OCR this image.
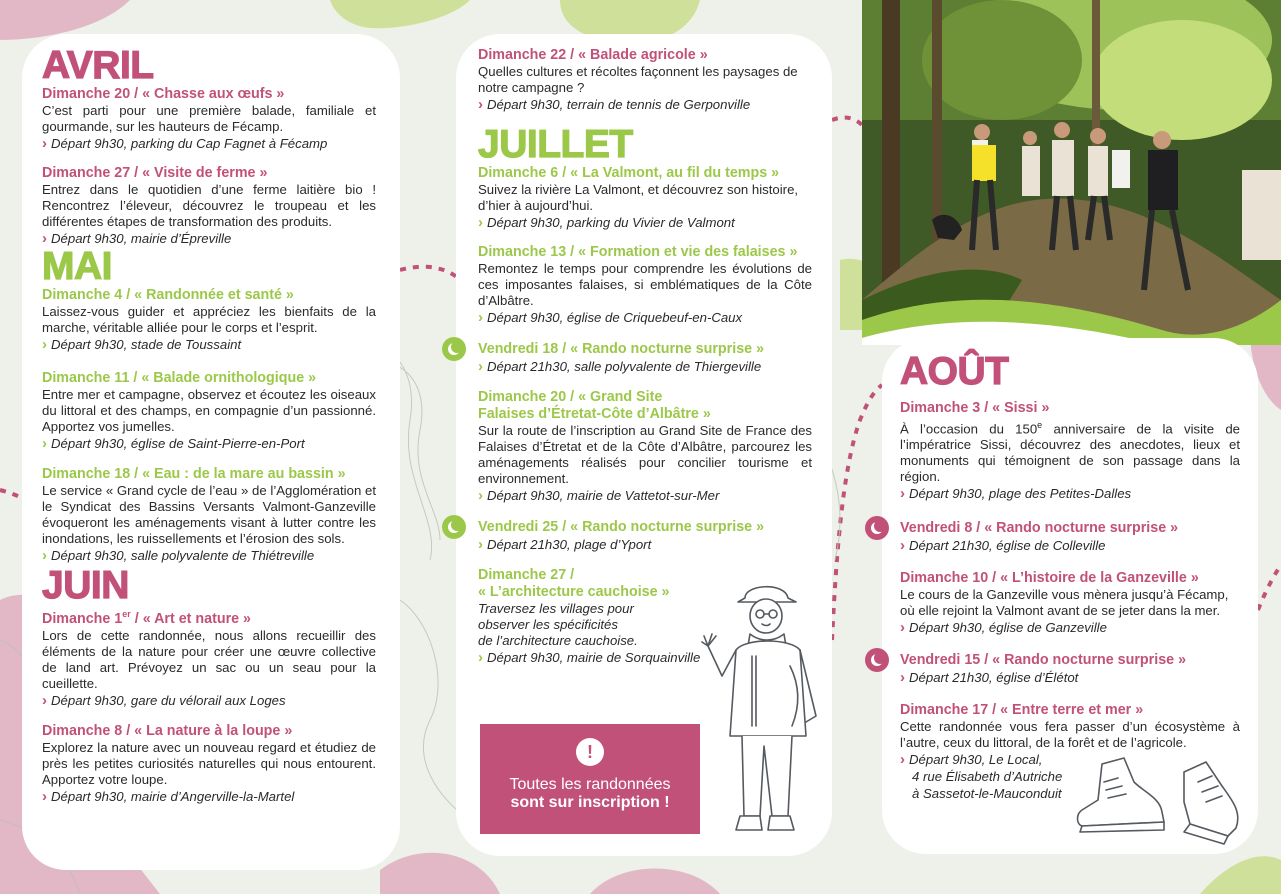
AVRIL
Dimanche 20 / « Chasse aux œufs »

C’est parti pour une première balade, familiale et gourmande, sur les hauteurs de Fécamp.

› Départ 9h30, parking du Cap Fagnet à Fécamp
Dimanche 27 / « Visite de ferme »

Entrez dans le quotidien d’une ferme laitière bio ! Rencontrez l’éleveur, découvrez le troupeau et les différentes étapes de transformation des produits.

› Départ 9h30, mairie d’Épreville
MAI
Dimanche 4 / « Randonnée et santé »

Laissez-vous guider et appréciez les bienfaits de la marche, véritable alliée pour le corps et l’esprit.

› Départ 9h30, stade de Toussaint
Dimanche 11 / « Balade ornithologique »

Entre mer et campagne, observez et écoutez les oiseaux du littoral et des champs, en compagnie d’un passionné. Apportez vos jumelles.

› Départ 9h30, église de Saint-Pierre-en-Port
Dimanche 18 / « Eau : de la mare au bassin »

Le service « Grand cycle de l’eau » de l’Agglomération et le Syndicat des Bassins Versants Valmont-Ganzeville évoqueront les aménagements visant à lutter contre les inondations, les ruissellements et l’érosion des sols.

› Départ 9h30, salle polyvalente de Thiétreville
JUIN
Dimanche 1er / « Art et nature »

Lors de cette randonnée, nous allons recueillir des éléments de la nature pour créer une œuvre collective de land art. Prévoyez un sac ou un seau pour la cueillette.

› Départ 9h30, gare du vélorail aux Loges
Dimanche 8 / « La nature à la loupe »

Explorez la nature avec un nouveau regard et étudiez de près les petites curiosités naturelles qui nous entourent. Apportez votre loupe.

› Départ 9h30, mairie d’Angerville-la-Martel
Dimanche 22 / « Balade agricole »

Quelles cultures et récoltes façonnent les paysages de notre campagne ?

› Départ 9h30, terrain de tennis de Gerponville
JUILLET
Dimanche 6 / « La Valmont, au fil du temps »

Suivez la rivière La Valmont, et découvrez son histoire, d’hier à aujourd’hui.

› Départ 9h30, parking du Vivier de Valmont
Dimanche 13 / « Formation et vie des falaises »

Remontez le temps pour comprendre les évolutions de ces imposantes falaises, si emblématiques de la Côte d’Albâtre.

› Départ 9h30, église de Criquebeuf-en-Caux
Vendredi 18 / « Rando nocturne surprise »
› Départ 21h30, salle polyvalente de Thiergeville
Dimanche 20 / « Grand Site
Falaises d’Étretat-Côte d’Albâtre »

Sur la route de l’inscription au Grand Site de France des Falaises d’Étretat et de la Côte d’Albâtre, parcourez les aménagements réalisés pour concilier tourisme et environnement.

› Départ 9h30, mairie de Vattetot-sur-Mer
Vendredi 25 / « Rando nocturne surprise »
› Départ 21h30, plage d’Yport
Dimanche 27 /
« L’architecture cauchoise »

Traversez les villages pour

observer les spécificités

de l’architecture cauchoise.

› Départ 9h30, mairie de Sorquainville
!
Toutes les randonnées
sont sur inscription !
AOÛT
Dimanche 3 / « Sissi »

À l’occasion du 150e anniversaire de la visite de l’impératrice Sissi, découvrez des anecdotes, lieux et monuments qui témoignent de son passage dans la région.

› Départ 9h30, plage des Petites-Dalles
Vendredi 8 / « Rando nocturne surprise »
› Départ 21h30, église de Colleville
Dimanche 10 / « L’histoire de la Ganzeville »

Le cours de la Ganzeville vous mènera jusqu’à Fécamp, où elle rejoint la Valmont avant de se jeter dans la mer.

› Départ 9h30, église de Ganzeville
Vendredi 15 / « Rando nocturne surprise »
› Départ 21h30, église d’Élétot
Dimanche 17 / « Entre terre et mer »

Cette randonnée vous fera passer d’un écosystème à l’autre, ceux du littoral, de la forêt et de l’agricole.

› Départ 9h30, Le Local,
4 rue Élisabeth d’Autriche
à Sassetot-le-Mauconduit
